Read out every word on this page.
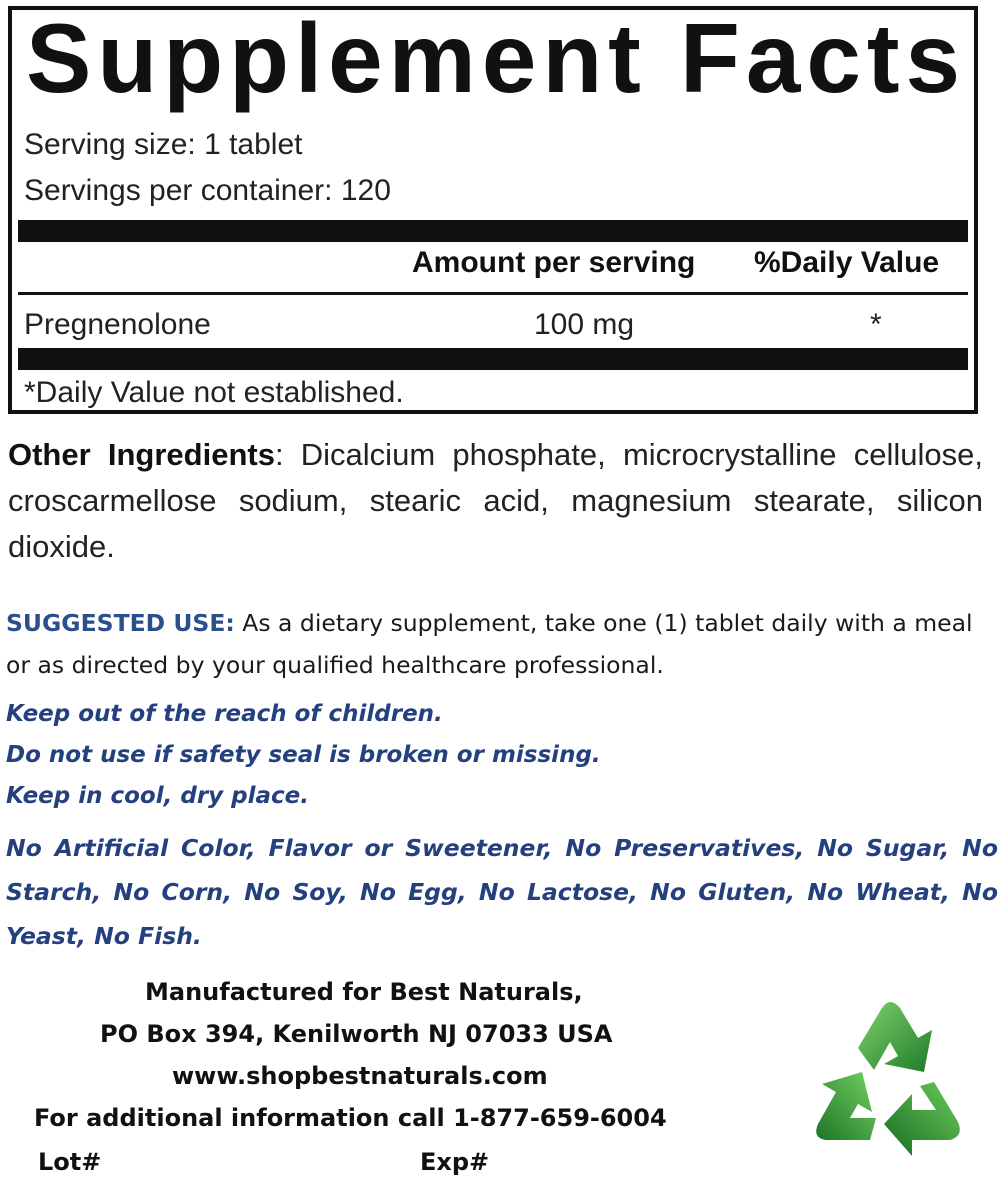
Supplement Facts
Serving size: 1 tablet
Servings per container: 120
Amount per serving %Daily Value
Pregnenolone	100 mg	*
*Daily Value not established.
Other Ingredients: Dicalcium phosphate, microcrystalline cellulose, croscarmellose sodium, stearic acid, magnesium stearate, silicon dioxide.
SUGGESTED USE: As a dietary supplement, take one (1) tablet daily with a meal or as directed by your qualified healthcare professional.
Keep out of the reach of children.
Do not use if safety seal is broken or missing.
Keep in cool, dry place.
No Artificial Color, Flavor or Sweetener, No Preservatives, No Sugar, No Starch, No Corn, No Soy, No Egg, No Lactose, No Gluten, No Wheat, No Yeast, No Fish.
Manufactured for Best Naturals,
PO Box 394, Kenilworth NJ 07033 USA
www.shopbestnaturals.com
For additional information call 1-877-659-6004
Lot#	Exp#
